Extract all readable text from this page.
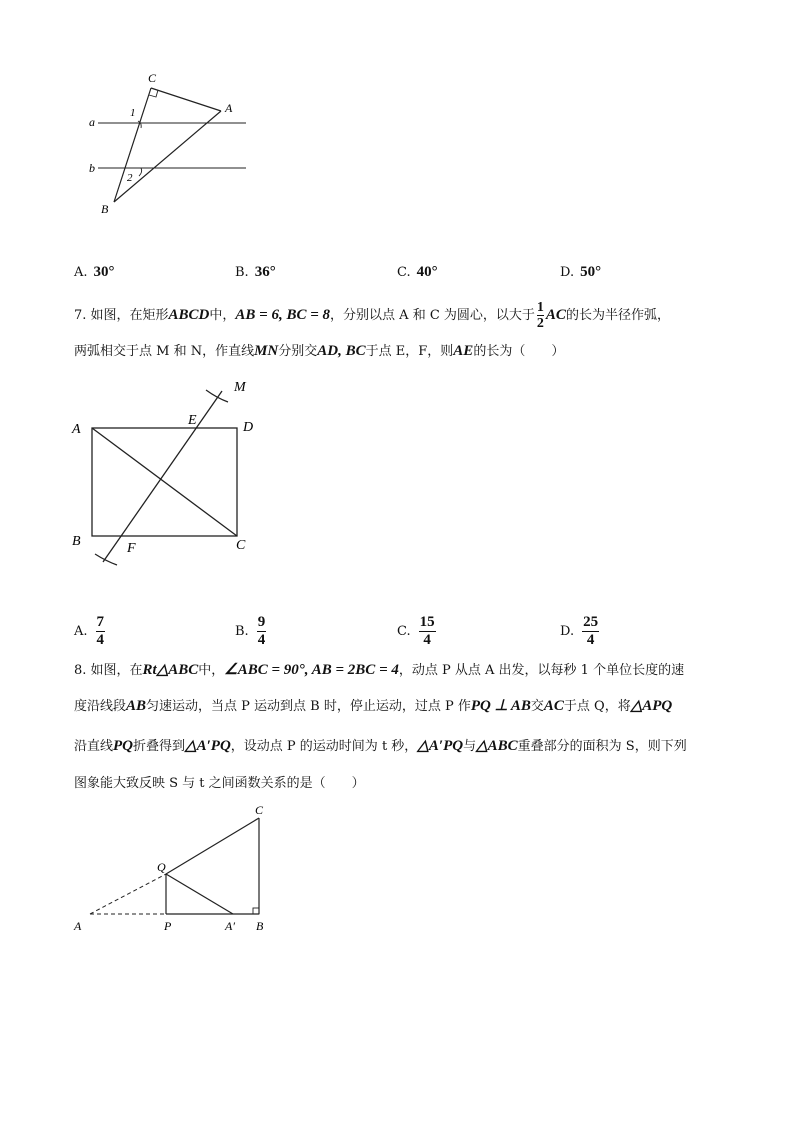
C
A
B
a
b
1
2
A. 30°	B. 36°	C. 40°	D. 50°
7. 如图，在矩形ABCD中，AB = 6, BC = 8，分别以点 A 和 C 为圆心，以大于 $\frac{1}{2}$ AC的长为半径作弧，
两弧相交于点 M 和 N，作直线MN分别交AD, BC于点 E，F，则AE的长为（　　）
A	D
B	C
E
F
M
A. $\frac{7}{4}$	B. $\frac{9}{4}$	C. $\frac{15}{4}$	D. $\frac{25}{4}$
8. 如图，在Rt△ABC中，∠ABC = 90°, AB = 2BC = 4，动点 P 从点 A 出发，以每秒 1 个单位长度的速
度沿线段AB匀速运动，当点 P 运动到点 B 时，停止运动，过点 P 作PQ ⊥ AB交AC于点 Q，将△APQ
沿直线PQ折叠得到△A′PQ，设动点 P 的运动时间为 t 秒，△A′PQ与△ABC重叠部分的面积为 S，则下列
图象能大致反映 S 与 t 之间函数关系的是（　　）
C
Q
A	P	A′ B
